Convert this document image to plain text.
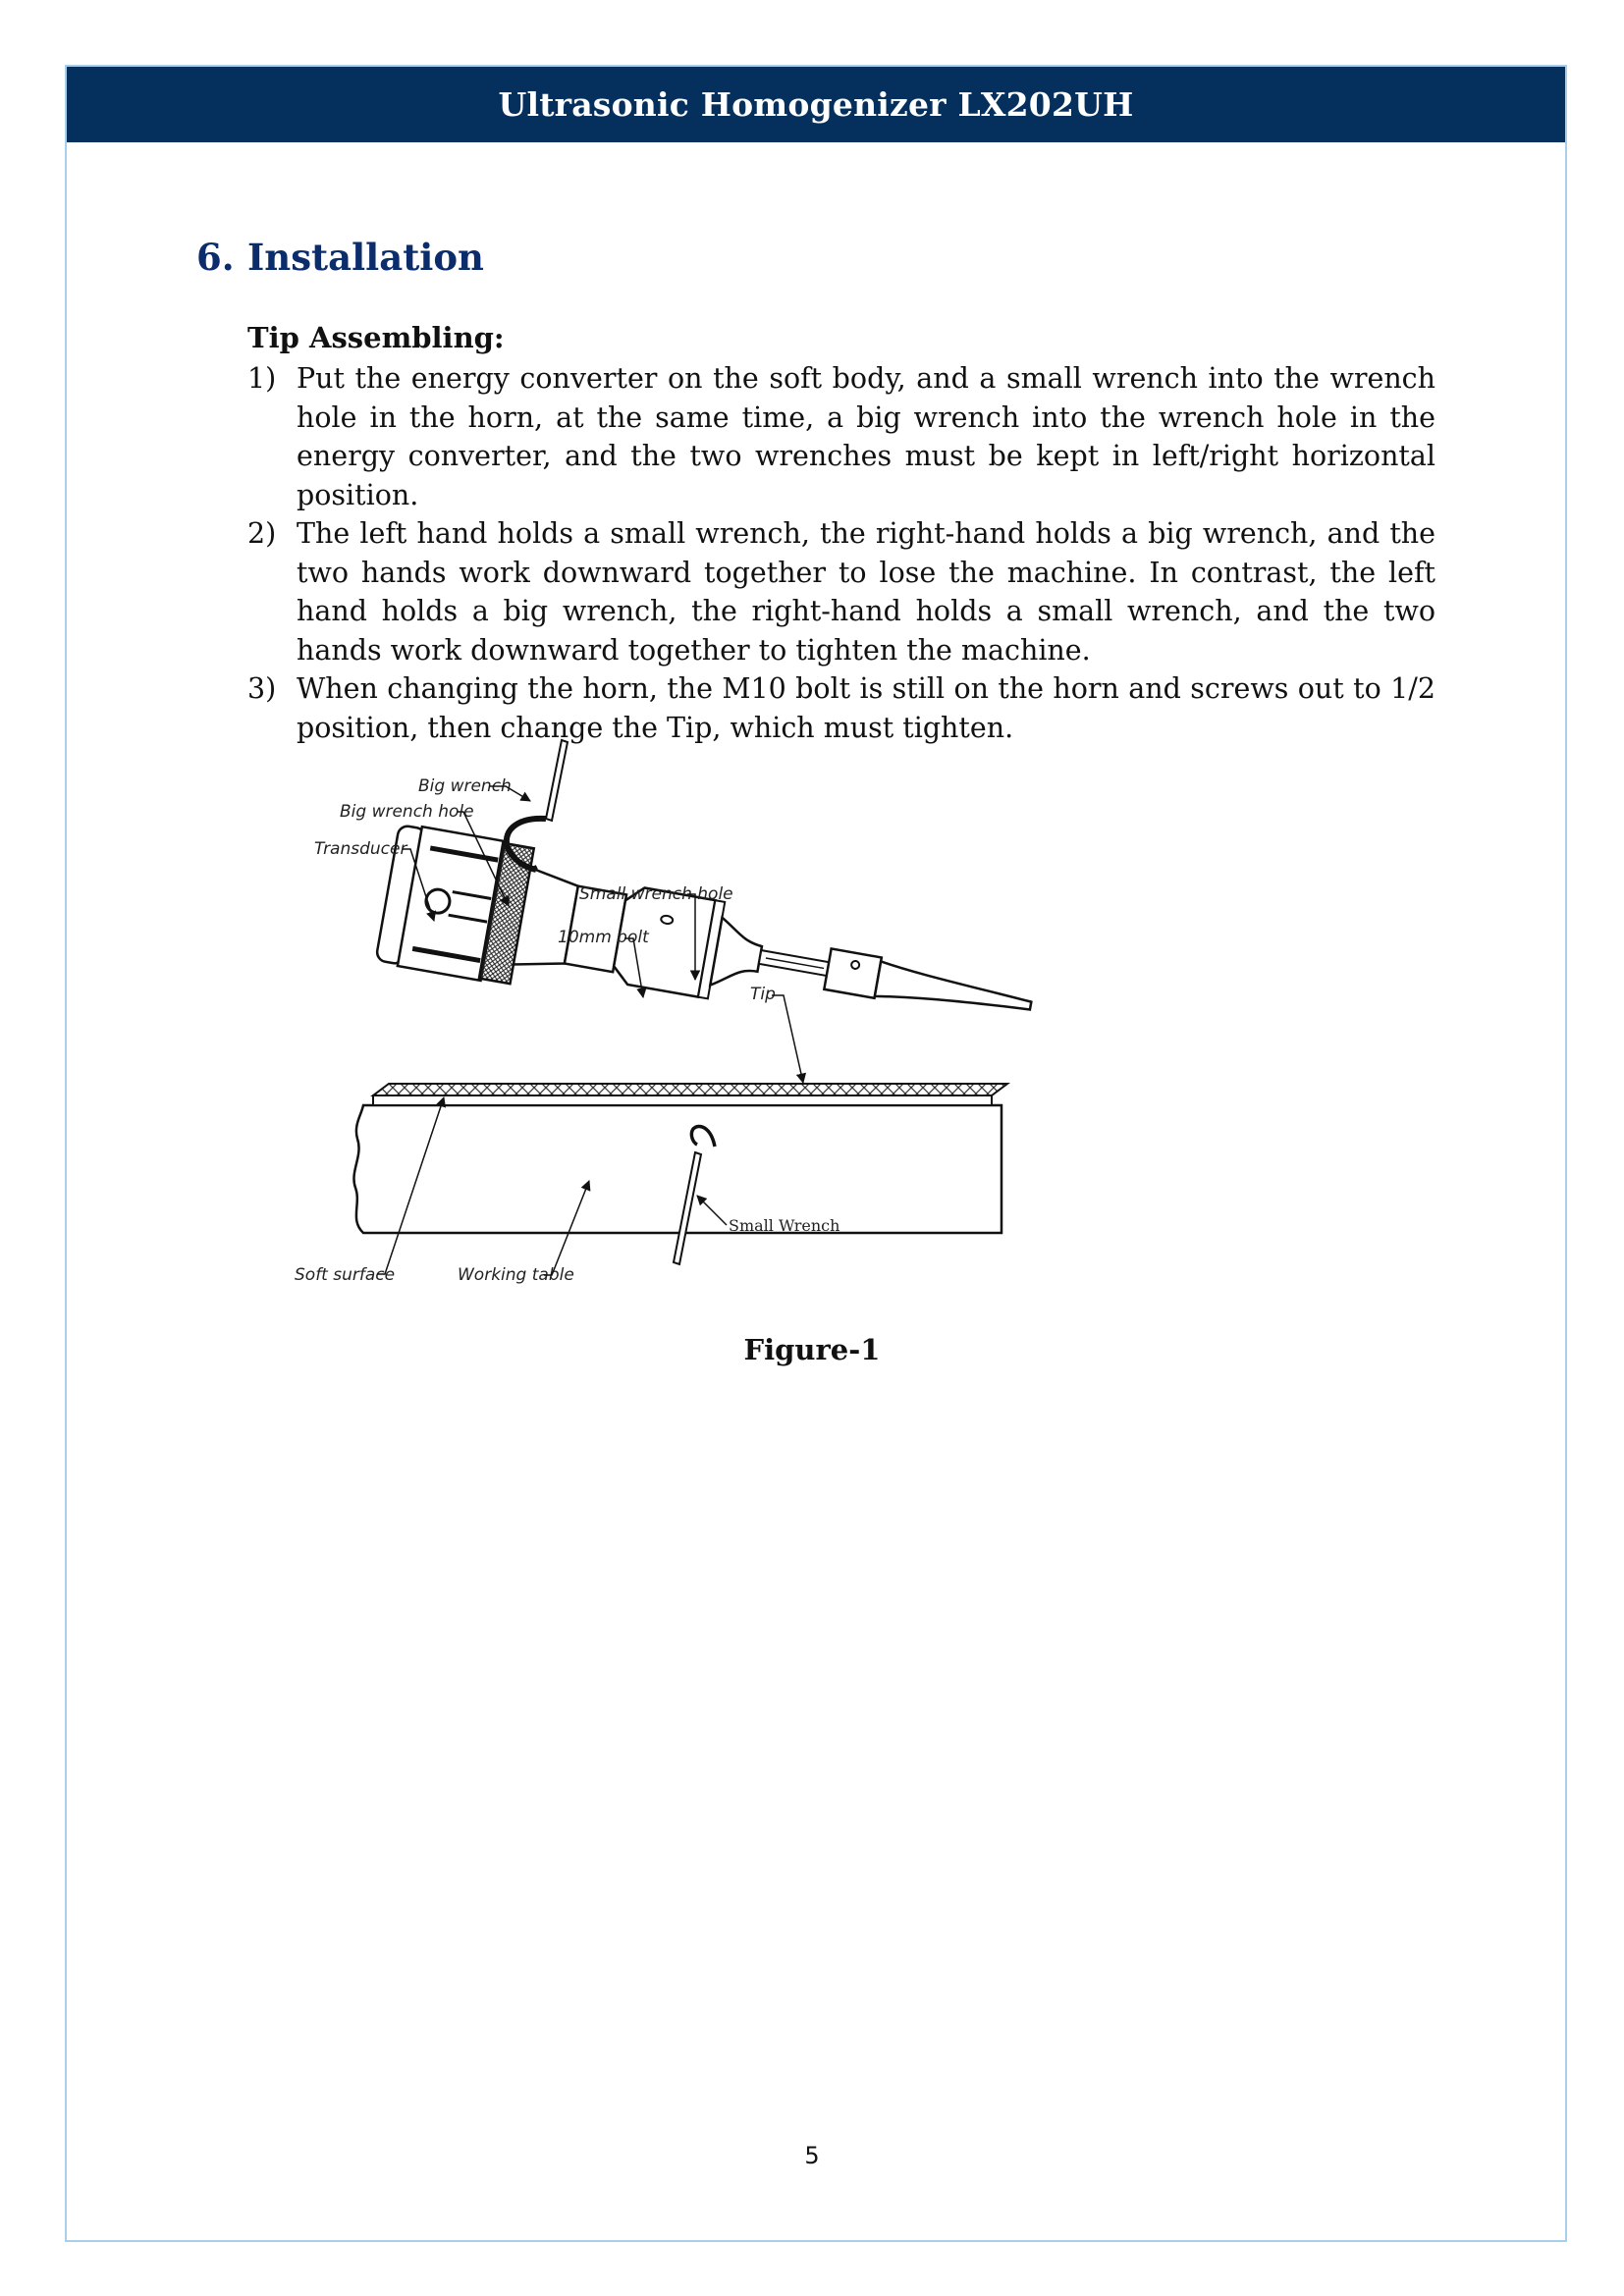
Ultrasonic Homogenizer LX202UH
6. Installation
Tip Assembling:
1) Put the energy converter on the soft body, and a small wrench into the wrench hole in the horn, at the same time, a big wrench into the wrench hole in the energy converter, and the two wrenches must be kept in left/right horizontal position.
2) The left hand holds a small wrench, the right-hand holds a big wrench, and the two hands work downward together to lose the machine. In contrast, the left hand holds a big wrench, the right-hand holds a small wrench, and the two hands work downward together to tighten the machine.
3) When changing the horn, the M10 bolt is still on the horn and screws out to 1/2 position, then change the Tip, which must tighten.
Big wrench
Big wrench hole
Transducer
Small wrench hole
10mm bolt
Tip
Small Wrench
Soft surface	Working table
Figure-1
5
